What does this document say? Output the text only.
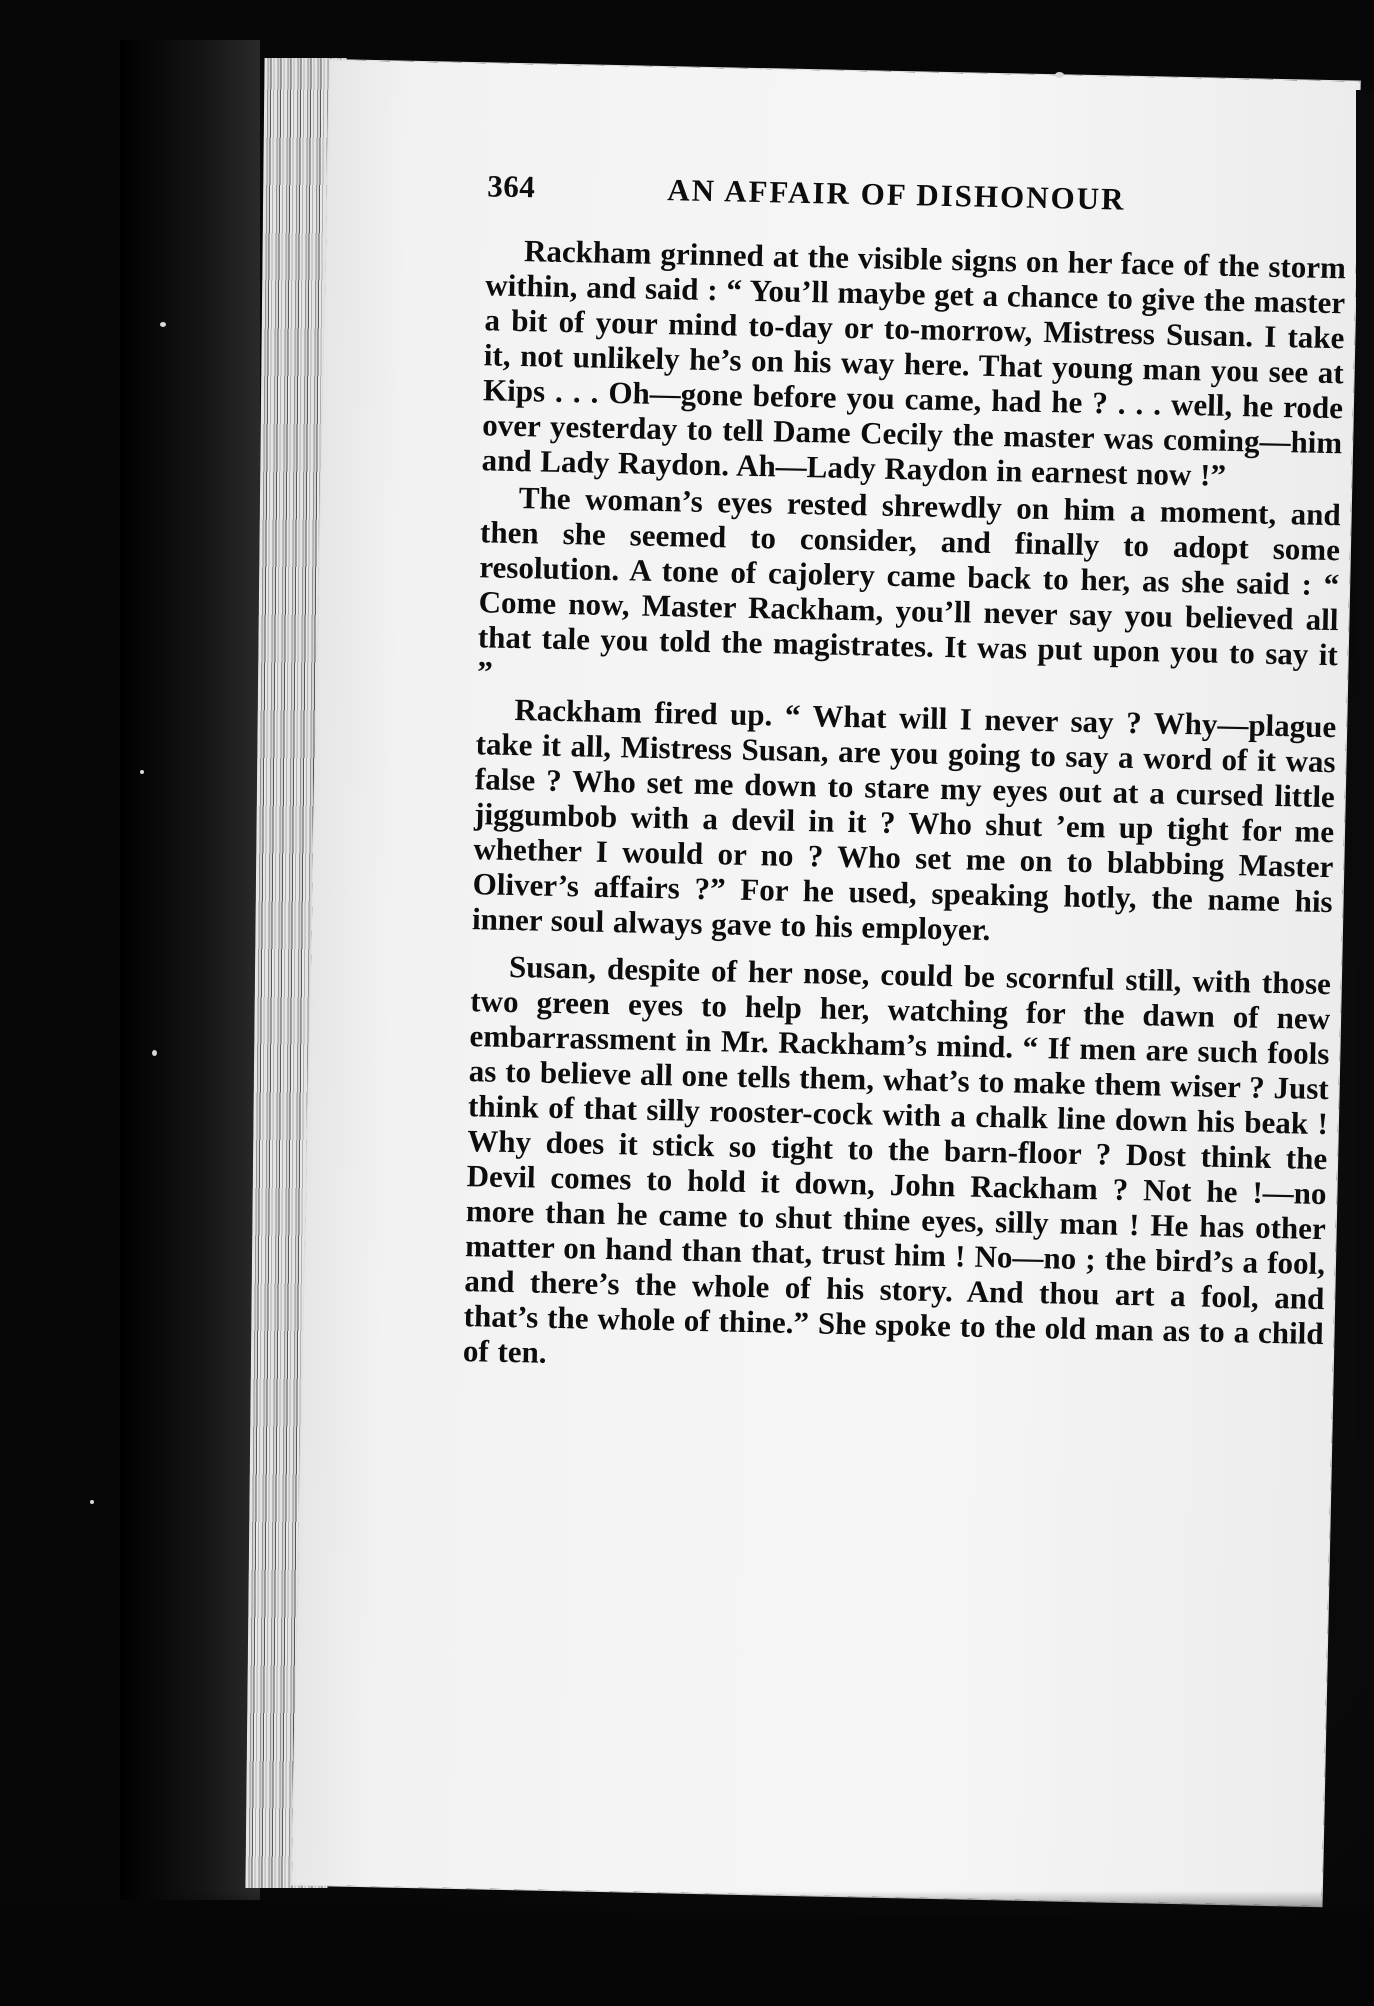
364	AN AFFAIR OF DISHONOUR

Rackham grinned at the visible signs on her face of the storm within, and said : “ You’ll maybe get a chance to give the master a bit of your mind to-day or to-morrow, Mistress Susan. I take it, not unlikely he’s on his way here. That young man you see at Kips . . . Oh—gone before you came, had he ? . . . well, he rode over yesterday to tell Dame Cecily the master was coming—him and Lady Raydon. Ah—Lady Raydon in earnest now !”

The woman’s eyes rested shrewdly on him a moment, and then she seemed to consider, and finally to adopt some resolution. A tone of cajolery came back to her, as she said : “ Come now, Master Rackham, you’ll never say you believed all that tale you told the magistrates. It was put upon you to say it ”

Rackham fired up. “ What will I never say ? Why—plague take it all, Mistress Susan, are you going to say a word of it was false ? Who set me down to stare my eyes out at a cursed little jiggumbob with a devil in it ? Who shut ’em up tight for me whether I would or no ? Who set me on to blabbing Master Oliver’s affairs ?” For he used, speaking hotly, the name his inner soul always gave to his employer.

Susan, despite of her nose, could be scornful still, with those two green eyes to help her, watching for the dawn of new embarrassment in Mr. Rackham’s mind. “ If men are such fools as to believe all one tells them, what’s to make them wiser ? Just think of that silly rooster-cock with a chalk line down his beak ! Why does it stick so tight to the barn-floor ? Dost think the Devil comes to hold it down, John Rackham ? Not he !—no more than he came to shut thine eyes, silly man ! He has other matter on hand than that, trust him ! No—no ; the bird’s a fool, and there’s the whole of his story. And thou art a fool, and that’s the whole of thine.” She spoke to the old man as to a child of ten.
